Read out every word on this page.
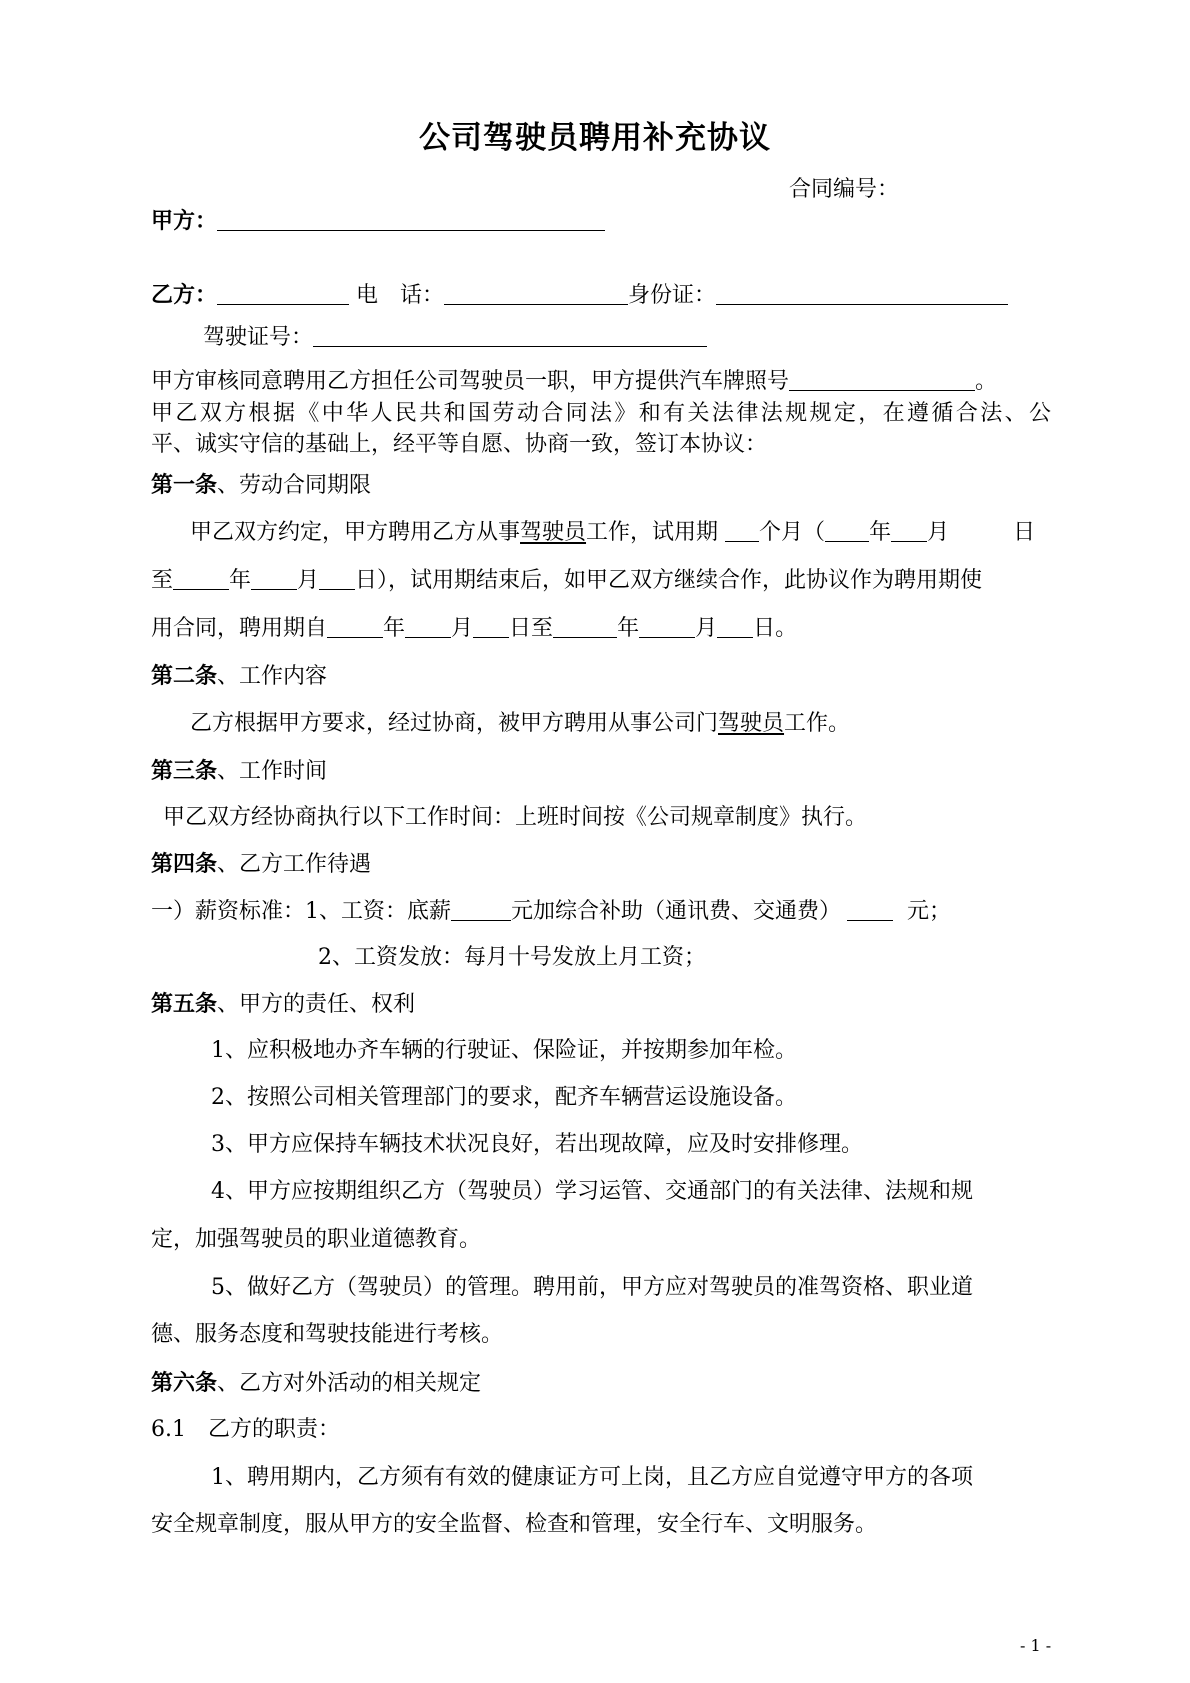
公司驾驶员聘用补充协议
合同编号：
甲方：
乙方：	电　话：	身份证：
驾驶证号：
甲方审核同意聘用乙方担任公司驾驶员一职，甲方提供汽车牌照号	。
甲乙双方根据《中华人民共和国劳动合同法》和有关法律法规规定，在遵循合法、公
平、诚实守信的基础上，经平等自愿、协商一致，签订本协议：
第一条、劳动合同期限
甲乙双方约定，甲方聘用乙方从事驾驶员工作，试用期 个月（ 年 月	日
至	年 月 日），试用期结束后，如甲乙双方继续合作，此协议作为聘用期使
用合同，聘用期自	年 月 日至	年	月 日。
第二条、工作内容
乙方根据甲方要求，经过协商，被甲方聘用从事公司门驾驶员工作。
第三条、工作时间
甲乙双方经协商执行以下工作时间：上班时间按《公司规章制度》执行。
第四条、乙方工作待遇
一）薪资标准：1、工资：底薪	元加综合补助（通讯费、交通费）	元；
2、工资发放：每月十号发放上月工资；
第五条、甲方的责任、权利
1、应积极地办齐车辆的行驶证、保险证，并按期参加年检。
2、按照公司相关管理部门的要求，配齐车辆营运设施设备。
3、甲方应保持车辆技术状况良好，若出现故障，应及时安排修理。
4、甲方应按期组织乙方（驾驶员）学习运管、交通部门的有关法律、法规和规
定，加强驾驶员的职业道德教育。
5、做好乙方（驾驶员）的管理。聘用前，甲方应对驾驶员的准驾资格、职业道
德、服务态度和驾驶技能进行考核。
第六条、乙方对外活动的相关规定
6.1　乙方的职责：
1、聘用期内，乙方须有有效的健康证方可上岗，且乙方应自觉遵守甲方的各项
安全规章制度，服从甲方的安全监督、检查和管理，安全行车、文明服务。
- 1 -
